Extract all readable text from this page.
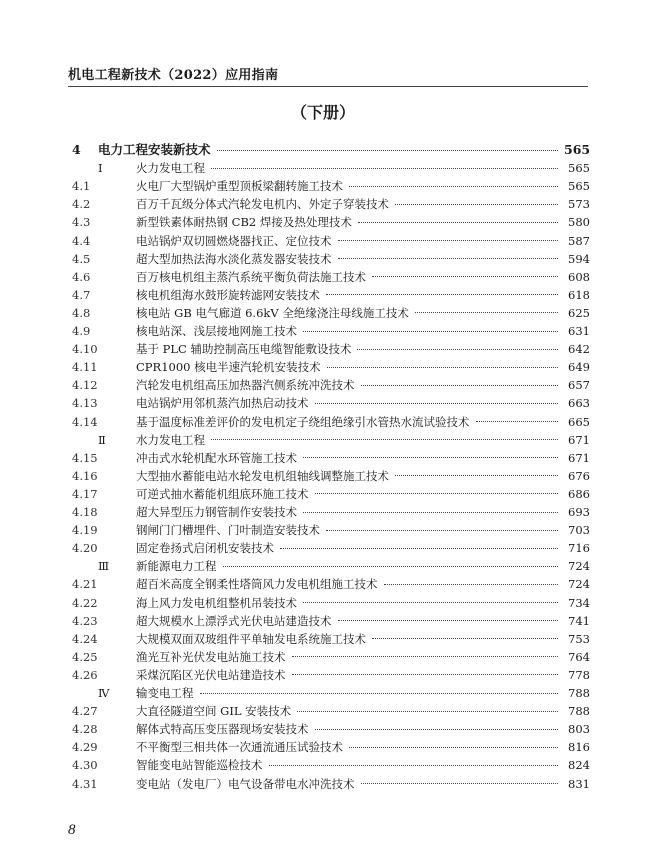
机电工程新技术（2022）应用指南
（下册）
4	电力工程安装新技术	565
Ⅰ	火力发电工程	565
4.1	火电厂大型锅炉重型顶板梁翻转施工技术	565
4.2	百万千瓦级分体式汽轮发电机内、外定子穿装技术	573
4.3	新型铁素体耐热钢 CB2 焊接及热处理技术	580
4.4	电站锅炉双切圆燃烧器找正、定位技术	587
4.5	超大型加热法海水淡化蒸发器安装技术	594
4.6	百万核电机组主蒸汽系统平衡负荷法施工技术	608
4.7	核电机组海水鼓形旋转滤网安装技术	618
4.8	核电站 GB 电气廊道 6.6kV 全绝缘浇注母线施工技术	625
4.9	核电站深、浅层接地网施工技术	631
4.10	基于 PLC 辅助控制高压电缆智能敷设技术	642
4.11	CPR1000 核电半速汽轮机安装技术	649
4.12	汽轮发电机组高压加热器汽侧系统冲洗技术	657
4.13	电站锅炉用邻机蒸汽加热启动技术	663
4.14	基于温度标准差评价的发电机定子绕组绝缘引水管热水流试验技术	665
Ⅱ	水力发电工程	671
4.15	冲击式水轮机配水环管施工技术	671
4.16	大型抽水蓄能电站水轮发电机组轴线调整施工技术	676
4.17	可逆式抽水蓄能机组底环施工技术	686
4.18	超大异型压力钢管制作安装技术	693
4.19	钢闸门门槽埋件、门叶制造安装技术	703
4.20	固定卷扬式启闭机安装技术	716
Ⅲ	新能源电力工程	724
4.21	超百米高度全钢柔性塔筒风力发电机组施工技术	724
4.22	海上风力发电机组整机吊装技术	734
4.23	超大规模水上漂浮式光伏电站建造技术	741
4.24	大规模双面双玻组件平单轴发电系统施工技术	753
4.25	渔光互补光伏发电站施工技术	764
4.26	采煤沉陷区光伏电站建造技术	778
Ⅳ	输变电工程	788
4.27	大直径隧道空间 GIL 安装技术	788
4.28	解体式特高压变压器现场安装技术	803
4.29	不平衡型三相共体一次通流通压试验技术	816
4.30	智能变电站智能巡检技术	824
4.31	变电站（发电厂）电气设备带电水冲洗技术	831
8
